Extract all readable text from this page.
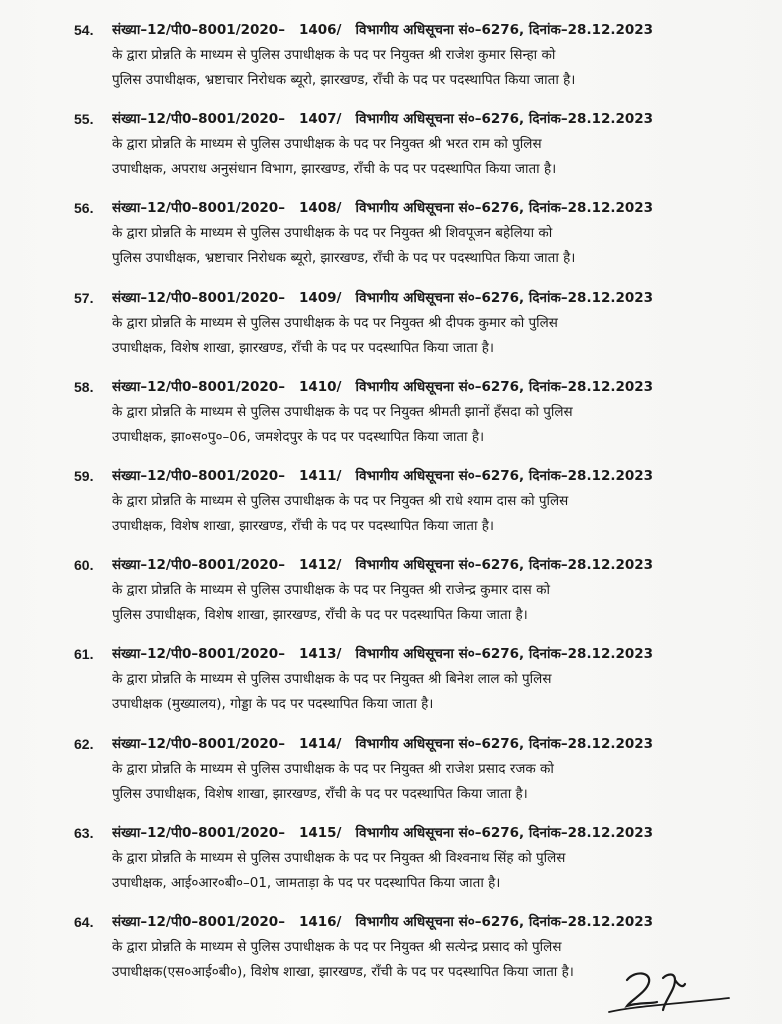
54. संख्या–12/पी0–8001/2020– 1406/ विभागीय अधिसूचना सं०–6276, दिनांक–28.12.2023
के द्वारा प्रोन्नति के माध्यम से पुलिस उपाधीक्षक के पद पर नियुक्त श्री राजेश कुमार सिन्हा को
पुलिस उपाधीक्षक, भ्रष्टाचार निरोधक ब्यूरो, झारखण्ड, राँची के पद पर पदस्थापित किया जाता है।
55. संख्या–12/पी0–8001/2020– 1407/ विभागीय अधिसूचना सं०–6276, दिनांक–28.12.2023
के द्वारा प्रोन्नति के माध्यम से पुलिस उपाधीक्षक के पद पर नियुक्त श्री भरत राम को पुलिस
उपाधीक्षक, अपराध अनुसंधान विभाग, झारखण्ड, राँची के पद पर पदस्थापित किया जाता है।
56. संख्या–12/पी0–8001/2020– 1408/ विभागीय अधिसूचना सं०–6276, दिनांक–28.12.2023
के द्वारा प्रोन्नति के माध्यम से पुलिस उपाधीक्षक के पद पर नियुक्त श्री शिवपूजन बहेलिया को
पुलिस उपाधीक्षक, भ्रष्टाचार निरोधक ब्यूरो, झारखण्ड, राँची के पद पर पदस्थापित किया जाता है।
57. संख्या–12/पी0–8001/2020– 1409/ विभागीय अधिसूचना सं०–6276, दिनांक–28.12.2023
के द्वारा प्रोन्नति के माध्यम से पुलिस उपाधीक्षक के पद पर नियुक्त श्री दीपक कुमार को पुलिस
उपाधीक्षक, विशेष शाखा, झारखण्ड, राँची के पद पर पदस्थापित किया जाता है।
58. संख्या–12/पी0–8001/2020– 1410/ विभागीय अधिसूचना सं०–6276, दिनांक–28.12.2023
के द्वारा प्रोन्नति के माध्यम से पुलिस उपाधीक्षक के पद पर नियुक्त श्रीमती झानों हँसदा को पुलिस
उपाधीक्षक, झा०स०पु०–06, जमशेदपुर के पद पर पदस्थापित किया जाता है।
59. संख्या–12/पी0–8001/2020– 1411/ विभागीय अधिसूचना सं०–6276, दिनांक–28.12.2023
के द्वारा प्रोन्नति के माध्यम से पुलिस उपाधीक्षक के पद पर नियुक्त श्री राधे श्याम दास को पुलिस
उपाधीक्षक, विशेष शाखा, झारखण्ड, राँची के पद पर पदस्थापित किया जाता है।
60. संख्या–12/पी0–8001/2020– 1412/ विभागीय अधिसूचना सं०–6276, दिनांक–28.12.2023
के द्वारा प्रोन्नति के माध्यम से पुलिस उपाधीक्षक के पद पर नियुक्त श्री राजेन्द्र कुमार दास को
पुलिस उपाधीक्षक, विशेष शाखा, झारखण्ड, राँची के पद पर पदस्थापित किया जाता है।
61. संख्या–12/पी0–8001/2020– 1413/ विभागीय अधिसूचना सं०–6276, दिनांक–28.12.2023
के द्वारा प्रोन्नति के माध्यम से पुलिस उपाधीक्षक के पद पर नियुक्त श्री बिनेश लाल को पुलिस
उपाधीक्षक (मुख्यालय), गोड्डा के पद पर पदस्थापित किया जाता है।
62. संख्या–12/पी0–8001/2020– 1414/ विभागीय अधिसूचना सं०–6276, दिनांक–28.12.2023
के द्वारा प्रोन्नति के माध्यम से पुलिस उपाधीक्षक के पद पर नियुक्त श्री राजेश प्रसाद रजक को
पुलिस उपाधीक्षक, विशेष शाखा, झारखण्ड, राँची के पद पर पदस्थापित किया जाता है।
63. संख्या–12/पी0–8001/2020– 1415/ विभागीय अधिसूचना सं०–6276, दिनांक–28.12.2023
के द्वारा प्रोन्नति के माध्यम से पुलिस उपाधीक्षक के पद पर नियुक्त श्री विश्वनाथ सिंह को पुलिस
उपाधीक्षक, आई०आर०बी०–01, जामताड़ा के पद पर पदस्थापित किया जाता है।
64. संख्या–12/पी0–8001/2020– 1416/ विभागीय अधिसूचना सं०–6276, दिनांक–28.12.2023
के द्वारा प्रोन्नति के माध्यम से पुलिस उपाधीक्षक के पद पर नियुक्त श्री सत्येन्द्र प्रसाद को पुलिस
उपाधीक्षक(एस०आई०बी०), विशेष शाखा, झारखण्ड, राँची के पद पर पदस्थापित किया जाता है।
